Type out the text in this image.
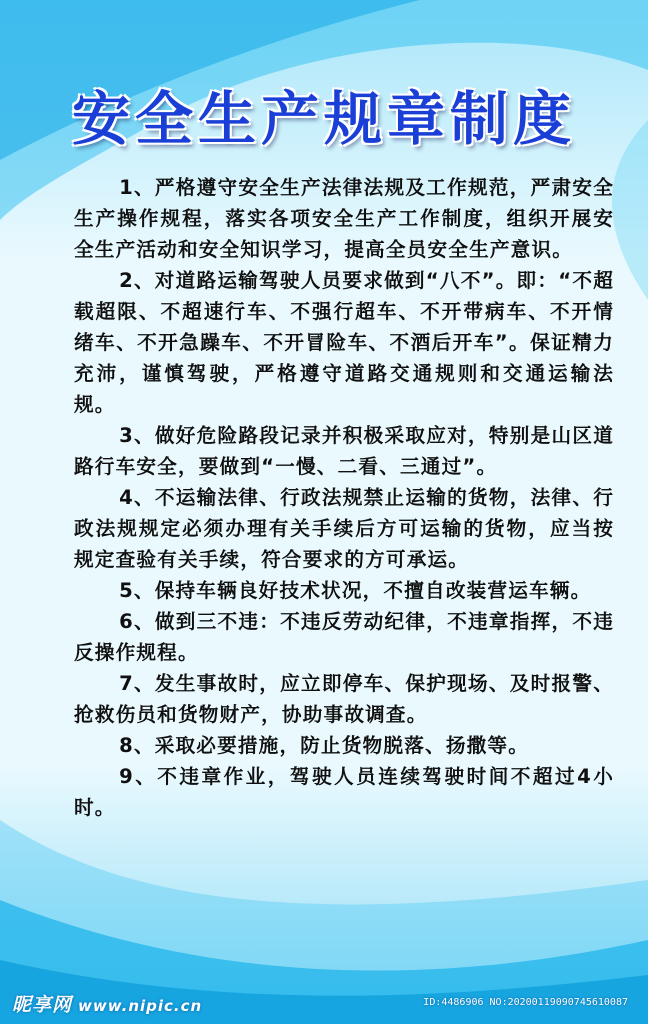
安全生产规章制度

1、严格遵守安全生产法律法规及工作规范，严肃安全生产操作规程，落实各项安全生产工作制度，组织开展安全生产活动和安全知识学习，提高全员安全生产意识。

2、对道路运输驾驶人员要求做到“八不”。即：“不超载超限、不超速行车、不强行超车、不开带病车、不开情绪车、不开急躁车、不开冒险车、不酒后开车”。保证精力充沛，谨慎驾驶，严格遵守道路交通规则和交通运输法规。

3、做好危险路段记录并积极采取应对，特别是山区道路行车安全，要做到“一慢、二看、三通过”。

4、不运输法律、行政法规禁止运输的货物，法律、行政法规规定必须办理有关手续后方可运输的货物，应当按规定查验有关手续，符合要求的方可承运。

5、保持车辆良好技术状况，不擅自改装营运车辆。

6、做到三不违：不违反劳动纪律，不违章指挥，不违反操作规程。

7、发生事故时，应立即停车、保护现场、及时报警、抢救伤员和货物财产，协助事故调查。

8、采取必要措施，防止货物脱落、扬撒等。

9、不违章作业，驾驶人员连续驾驶时间不超过4小时。

昵享网 www.nipic.cn	ID:4486906 NO:20200119090745610087
